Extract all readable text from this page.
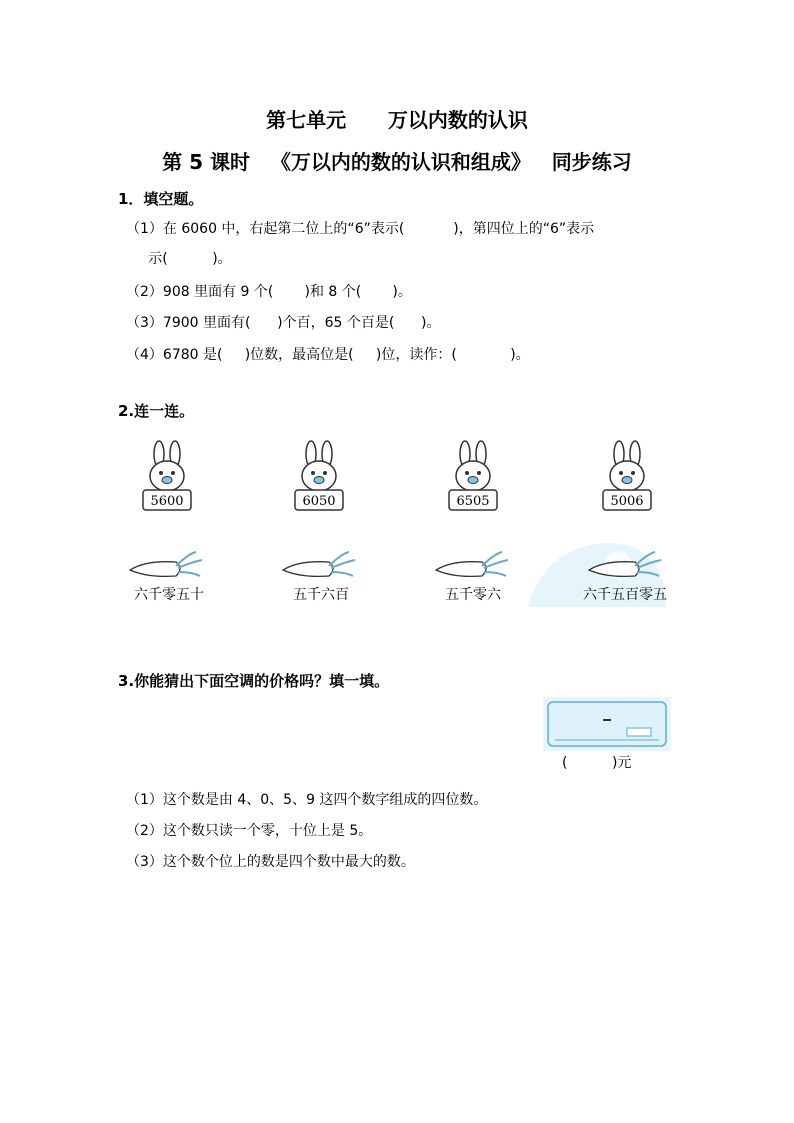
第七单元      万以内数的认识
第 5 课时   《万以内的数的认识和组成》   同步练习
1．填空题。
（1）在 6060 中，右起第二位上的“6”表示(           )，第四位上的“6”表示
示(          )。
（2）908 里面有 9 个(       )和 8 个(       )。
（3）7900 里面有(      )个百，65 个百是(      )。
（4）6780 是(     )位数，最高位是(     )位，读作：(            )。
2.连一连。
5600	6050	6505	5006
六千零五十	五千六百	五千零六	六千五百零五
3.你能猜出下面空调的价格吗？填一填。
(          )元
（1）这个数是由 4、0、5、9 这四个数字组成的四位数。
（2）这个数只读一个零，十位上是 5。
（3）这个数个位上的数是四个数中最大的数。
